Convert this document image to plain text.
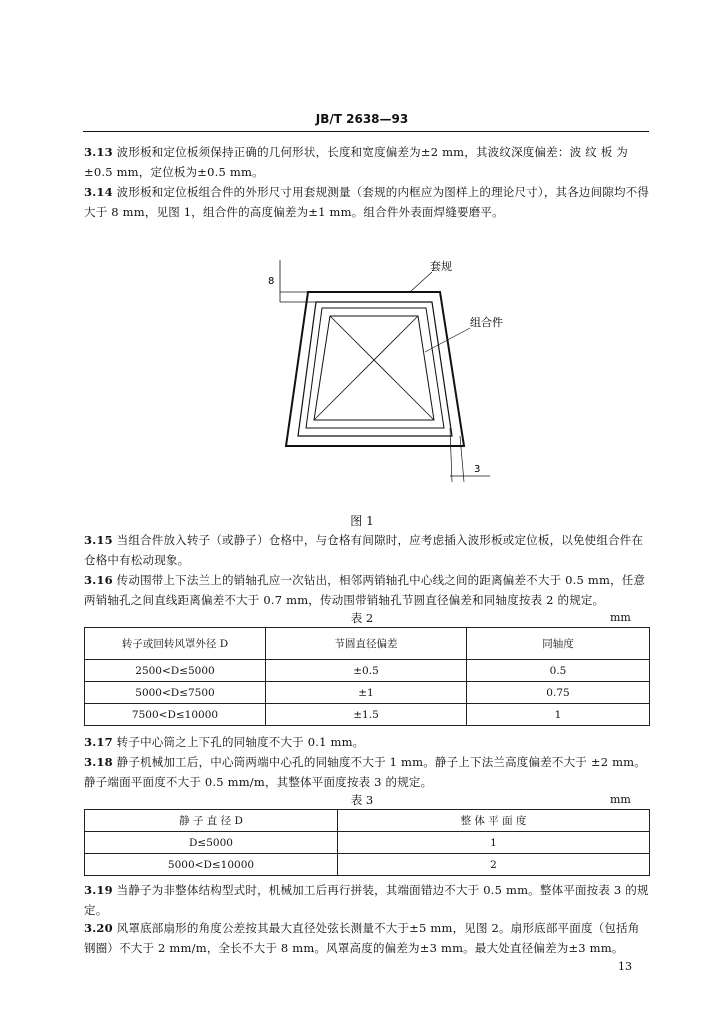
JB/T 2638—93
3.13 波形板和定位板须保持正确的几何形状，长度和宽度偏差为±2 mm，其波纹深度偏差：波 纹 板 为 ±0.5 mm，定位板为±0.5 mm。
3.14 波形板和定位板组合件的外形尺寸用套规测量（套规的内框应为图样上的理论尺寸），其各边间隙均不得大于 8 mm，见图 1，组合件的高度偏差为±1 mm。组合件外表面焊缝要磨平。
套规
组合件
8
3
图 1
3.15 当组合件放入转子（或静子）仓格中，与仓格有间隙时，应考虑插入波形板或定位板，以免使组合件在仓格中有松动现象。
3.16 传动围带上下法兰上的销轴孔应一次钻出，相邻两销轴孔中心线之间的距离偏差不大于 0.5 mm，任意两销轴孔之间直线距离偏差不大于 0.7 mm，传动围带销轴孔节圆直径偏差和同轴度按表 2 的规定。
表 2	mm
转子或回转风罩外径 D	节圆直径偏差	同轴度
2500<D≤5000	±0.5	0.5
5000<D≤7500	±1	0.75
7500<D≤10000	±1.5	1
3.17 转子中心筒之上下孔的同轴度不大于 0.1 mm。
3.18 静子机械加工后，中心筒两端中心孔的同轴度不大于 1 mm。静子上下法兰高度偏差不大于 ±2 mm。静子端面平面度不大于 0.5 mm/m，其整体平面度按表 3 的规定。
表 3	mm
静 子 直 径 D	整 体 平 面 度
D≤5000	1
5000<D≤10000	2
3.19 当静子为非整体结构型式时，机械加工后再行拼装，其端面错边不大于 0.5 mm。整体平面按表 3 的规定。
3.20 风罩底部扇形的角度公差按其最大直径处弦长测量不大于±5 mm，见图 2。扇形底部平面度（包括角钢圈）不大于 2 mm/m，全长不大于 8 mm。风罩高度的偏差为±3 mm。最大处直径偏差为±3 mm。
13
